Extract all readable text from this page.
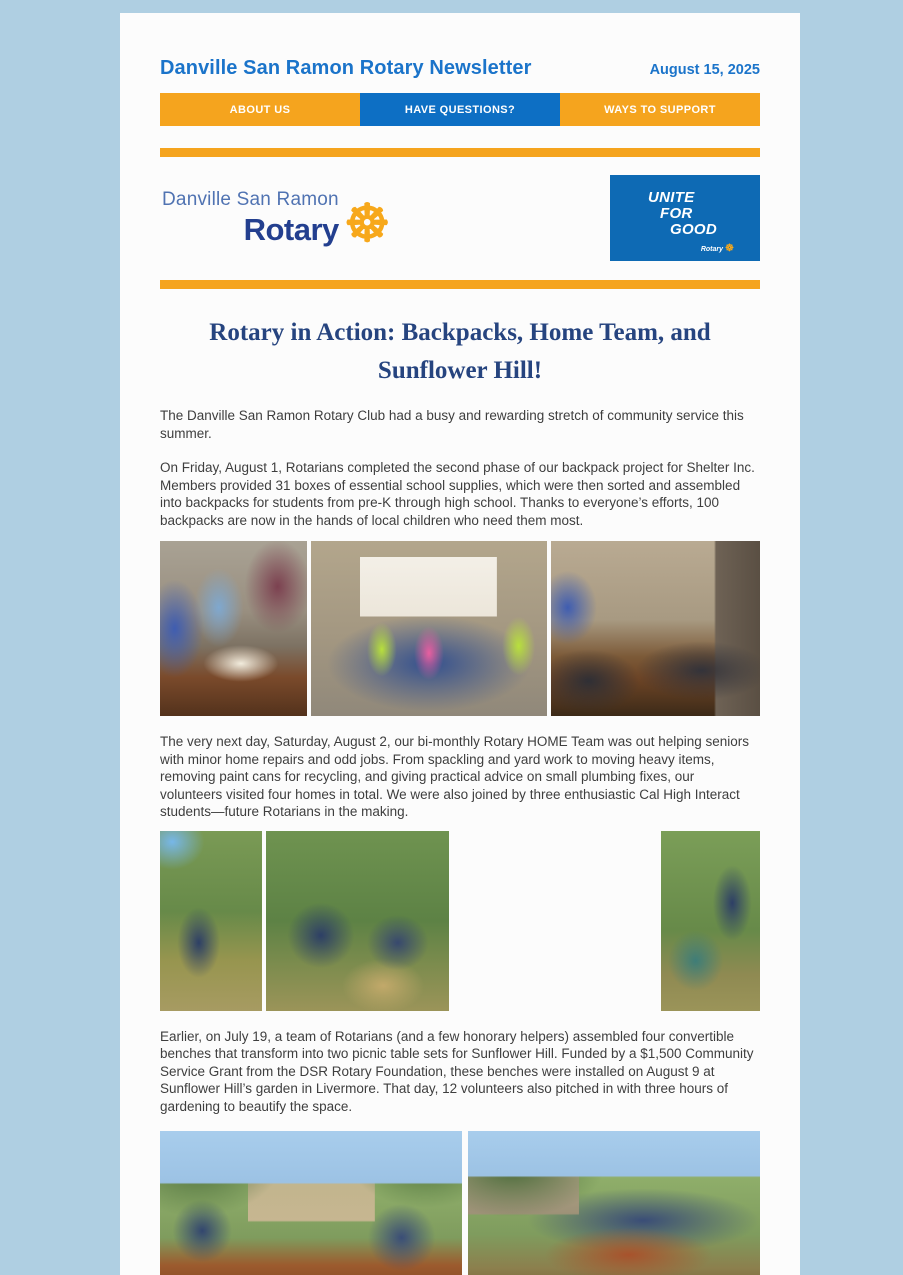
Danville San Ramon Rotary Newsletter	August 15, 2025
ABOUT US	HAVE QUESTIONS?	WAYS TO SUPPORT
Danville San Ramon
Rotary ☸	UNITE
FOR
GOOD
Rotary ☸
Rotary in Action: Backpacks, Home Team, and Sunflower Hill!

The Danville San Ramon Rotary Club had a busy and rewarding stretch of community service this summer.

On Friday, August 1, Rotarians completed the second phase of our backpack project for Shelter Inc. Members provided 31 boxes of essential school supplies, which were then sorted and assembled into backpacks for students from pre-K through high school. Thanks to everyone’s efforts, 100 backpacks are now in the hands of local children who need them most.

The very next day, Saturday, August 2, our bi-monthly Rotary HOME Team was out helping seniors with minor home repairs and odd jobs. From spackling and yard work to moving heavy items, removing paint cans for recycling, and giving practical advice on small plumbing fixes, our volunteers visited four homes in total. We were also joined by three enthusiastic Cal High Interact students—future Rotarians in the making.

Earlier, on July 19, a team of Rotarians (and a few honorary helpers) assembled four convertible benches that transform into two picnic table sets for Sunflower Hill. Funded by a $1,500 Community Service Grant from the DSR Rotary Foundation, these benches were installed on August 9 at Sunflower Hill’s garden in Livermore. That day, 12 volunteers also pitched in with three hours of gardening to beautify the space.
